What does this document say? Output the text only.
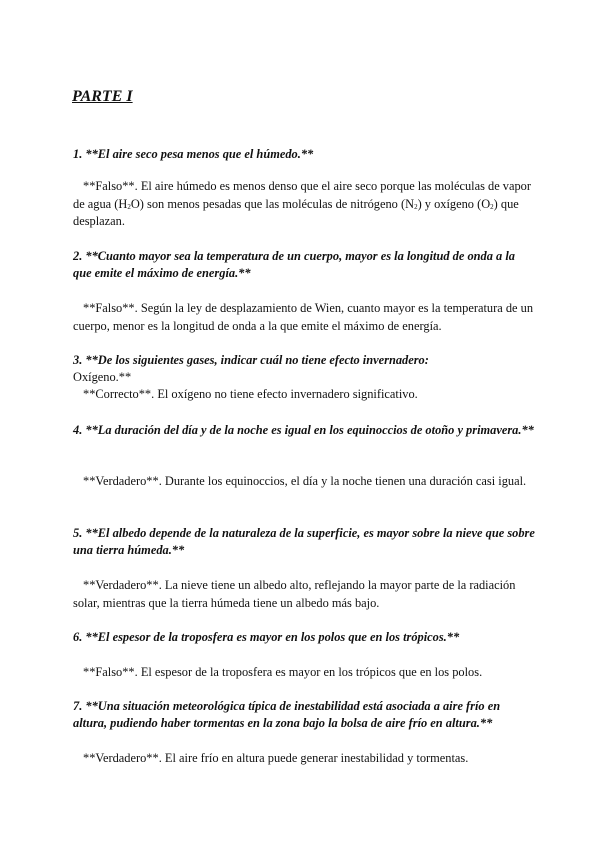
PARTE I

1. **El aire seco pesa menos que el húmedo.**

**Falso**. El aire húmedo es menos denso que el aire seco porque las moléculas de vapor de agua $(H_2O)$ son menos pesadas que las moléculas de nitrógeno $(N_2)$ y oxígeno $(O_2)$ que desplazan.

2. **Cuanto mayor sea la temperatura de un cuerpo, mayor es la longitud de onda a la que emite el máximo de energía.**

**Falso**. Según la ley de desplazamiento de Wien, cuanto mayor es la temperatura de un cuerpo, menor es la longitud de onda a la que emite el máximo de energía.

3. **De los siguientes gases, indicar cuál no tiene efecto invernadero:

Oxígeno.**

**Correcto**. El oxígeno no tiene efecto invernadero significativo.

4. **La duración del día y de la noche es igual en los equinoccios de otoño y primavera.**

**Verdadero**. Durante los equinoccios, el día y la noche tienen una duración casi igual.

5. **El albedo depende de la naturaleza de la superficie, es mayor sobre la nieve que sobre una tierra húmeda.**

**Verdadero**. La nieve tiene un albedo alto, reflejando la mayor parte de la radiación solar, mientras que la tierra húmeda tiene un albedo más bajo.

6. **El espesor de la troposfera es mayor en los polos que en los trópicos.**

**Falso**. El espesor de la troposfera es mayor en los trópicos que en los polos.

7. **Una situación meteorológica típica de inestabilidad está asociada a aire frío en altura, pudiendo haber tormentas en la zona bajo la bolsa de aire frío en altura.**

**Verdadero**. El aire frío en altura puede generar inestabilidad y tormentas.
